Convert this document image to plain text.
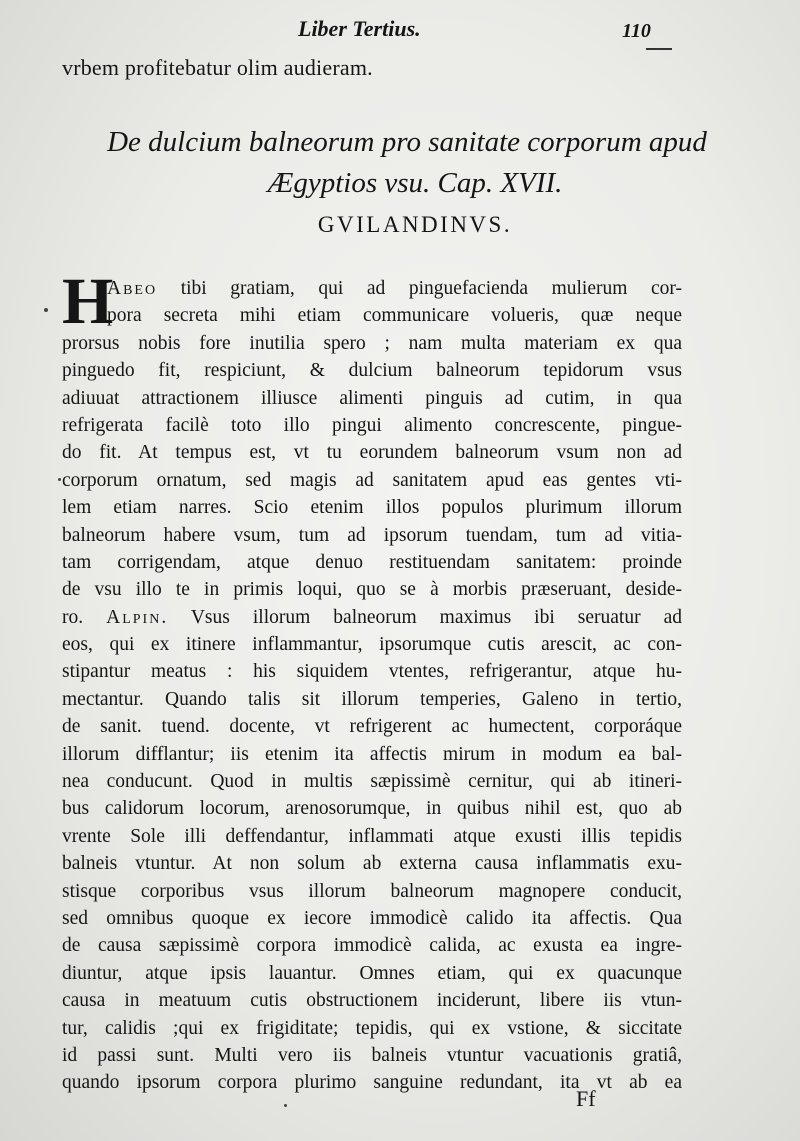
Liber Tertius.	110
vrbem profitebatur olim audieram.
De dulcium balneorum pro sanitate corporum apud
Ægyptios vsu. Cap. XVII.
GVILANDINVS.
H
Abeo tibi gratiam, qui ad pinguefacienda mulierum cor-
pora secreta mihi etiam communicare volueris, quæ neque
prorsus nobis fore inutilia spero ; nam multa materiam ex qua
pinguedo fit, respiciunt, & dulcium balneorum tepidorum vsus
adiuuat attractionem illiusce alimenti pinguis ad cutim, in qua
refrigerata facilè toto illo pingui alimento concrescente, pingue-
do fit. At tempus est, vt tu eorundem balneorum vsum non ad
corporum ornatum, sed magis ad sanitatem apud eas gentes vti-
lem etiam narres. Scio etenim illos populos plurimum illorum
balneorum habere vsum, tum ad ipsorum tuendam, tum ad vitia-
tam corrigendam, atque denuo restituendam sanitatem: proinde
de vsu illo te in primis loqui, quo se à morbis præseruant, deside-
ro. Alpin. Vsus illorum balneorum maximus ibi seruatur ad
eos, qui ex itinere inflammantur, ipsorumque cutis arescit, ac con-
stipantur meatus : his siquidem vtentes, refrigerantur, atque hu-
mectantur. Quando talis sit illorum temperies, Galeno in tertio,
de sanit. tuend. docente, vt refrigerent ac humectent, corporáque
illorum difflantur; iis etenim ita affectis mirum in modum ea bal-
nea conducunt. Quod in multis sæpissimè cernitur, qui ab itineri-
bus calidorum locorum, arenosorumque, in quibus nihil est, quo ab
vrente Sole illi deffendantur, inflammati atque exusti illis tepidis
balneis vtuntur. At non solum ab externa causa inflammatis exu-
stisque corporibus vsus illorum balneorum magnopere conducit,
sed omnibus quoque ex iecore immodicè calido ita affectis. Qua
de causa sæpissimè corpora immodicè calida, ac exusta ea ingre-
diuntur, atque ipsis lauantur. Omnes etiam, qui ex quacunque
causa in meatuum cutis obstructionem inciderunt, libere iis vtun-
tur, calidis ;qui ex frigiditate; tepidis, qui ex vstione, & siccitate
id passi sunt. Multi vero iis balneis vtuntur vacuationis gratiâ,
quando ipsorum corpora plurimo sanguine redundant, ita vt ab ea
Ff
